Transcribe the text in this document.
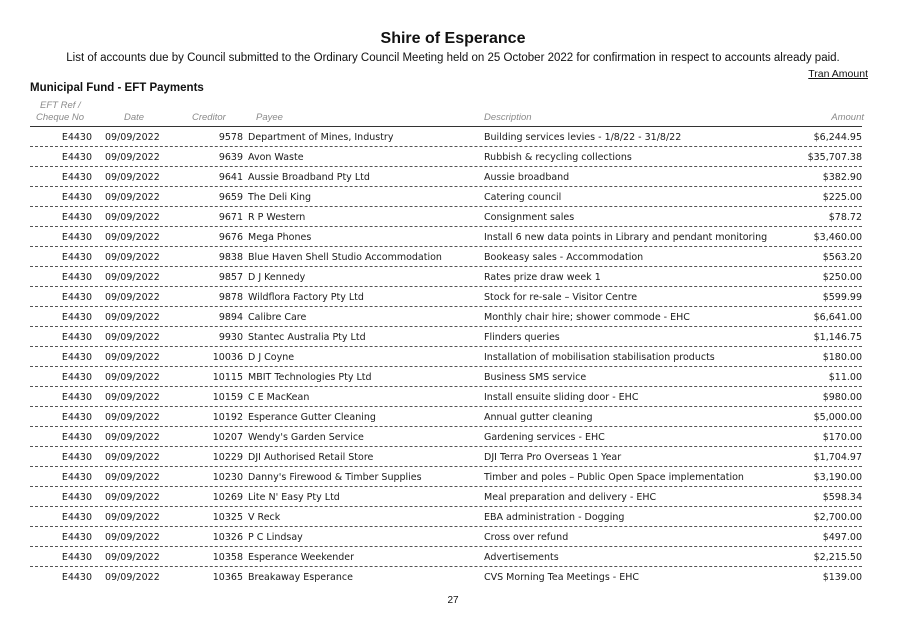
Shire of Esperance
List of accounts due by Council submitted to the Ordinary Council Meeting held on 25 October 2022 for confirmation in respect to accounts already paid.
Tran Amount
Municipal Fund - EFT Payments
EFT Ref /
Cheque No	Date	Creditor	Payee	Description	Amount
E4430 09/09/2022	9578 Department of Mines, Industry	Building services levies - 1/8/22 - 31/8/22	$6,244.95
E4430 09/09/2022	9639 Avon Waste	Rubbish & recycling collections	$35,707.38
E4430 09/09/2022	9641 Aussie Broadband Pty Ltd	Aussie broadband	$382.90
E4430 09/09/2022	9659 The Deli King	Catering council	$225.00
E4430 09/09/2022	9671 R P Western	Consignment sales	$78.72
E4430 09/09/2022	9676 Mega Phones	Install 6 new data points in Library and pendant monitoring	$3,460.00
E4430 09/09/2022	9838 Blue Haven Shell Studio Accommodation	Bookeasy sales - Accommodation	$563.20
E4430 09/09/2022	9857 D J Kennedy	Rates prize draw week 1	$250.00
E4430 09/09/2022	9878 Wildflora Factory Pty Ltd	Stock for re-sale – Visitor Centre	$599.99
E4430 09/09/2022	9894 Calibre Care	Monthly chair hire; shower commode - EHC	$6,641.00
E4430 09/09/2022	9930 Stantec Australia Pty Ltd	Flinders queries	$1,146.75
E4430 09/09/2022	10036 D J Coyne	Installation of mobilisation stabilisation products	$180.00
E4430 09/09/2022	10115 MBIT Technologies Pty Ltd	Business SMS service	$11.00
E4430 09/09/2022	10159 C E MacKean	Install ensuite sliding door - EHC	$980.00
E4430 09/09/2022	10192 Esperance Gutter Cleaning	Annual gutter cleaning	$5,000.00
E4430 09/09/2022	10207 Wendy's Garden Service	Gardening services - EHC	$170.00
E4430 09/09/2022	10229 DJI Authorised Retail Store	DJI Terra Pro Overseas 1 Year	$1,704.97
E4430 09/09/2022	10230 Danny's Firewood & Timber Supplies	Timber and poles – Public Open Space implementation	$3,190.00
E4430 09/09/2022	10269 Lite N' Easy Pty Ltd	Meal preparation and delivery - EHC	$598.34
E4430 09/09/2022	10325 V Reck	EBA administration - Dogging	$2,700.00
E4430 09/09/2022	10326 P C Lindsay	Cross over refund	$497.00
E4430 09/09/2022	10358 Esperance Weekender	Advertisements	$2,215.50
E4430 09/09/2022	10365 Breakaway Esperance	CVS Morning Tea Meetings - EHC	$139.00
27
